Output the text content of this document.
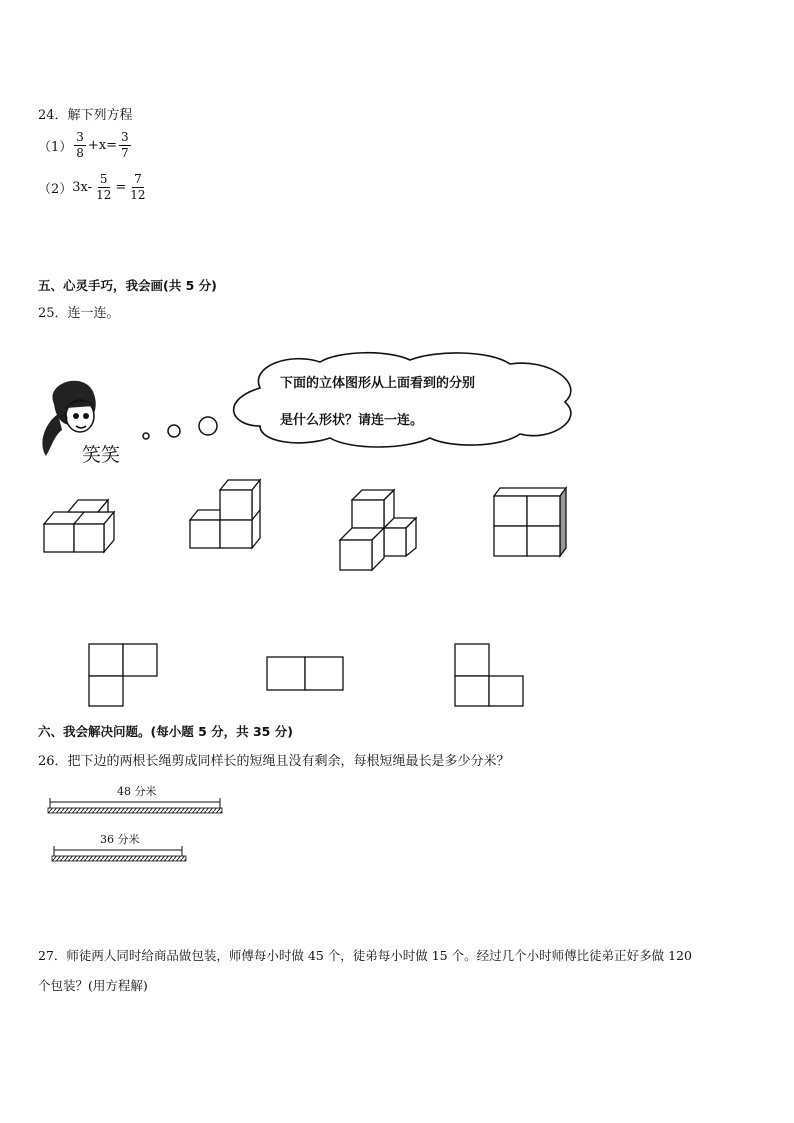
24．解下列方程
$(1) \frac{3}{8} +x= \frac{3}{7}$
（2） $3x- \frac{5}{12} = \frac{7}{12}$
五、心灵手巧，我会画(共 5 分)
25．连一连。
笑笑
下面的立体图形从上面看到的分别
是什么形状？请连一连。
六、我会解决问题。(每小题 5 分，共 35 分)
26．把下边的两根长绳剪成同样长的短绳且没有剩余，每根短绳最长是多少分米？
48 分米
36 分米
27．师徒两人同时给商品做包装，师傅每小时做 45 个，徒弟每小时做 15 个。经过几个小时师傅比徒弟正好多做 120
个包装？(用方程解)
